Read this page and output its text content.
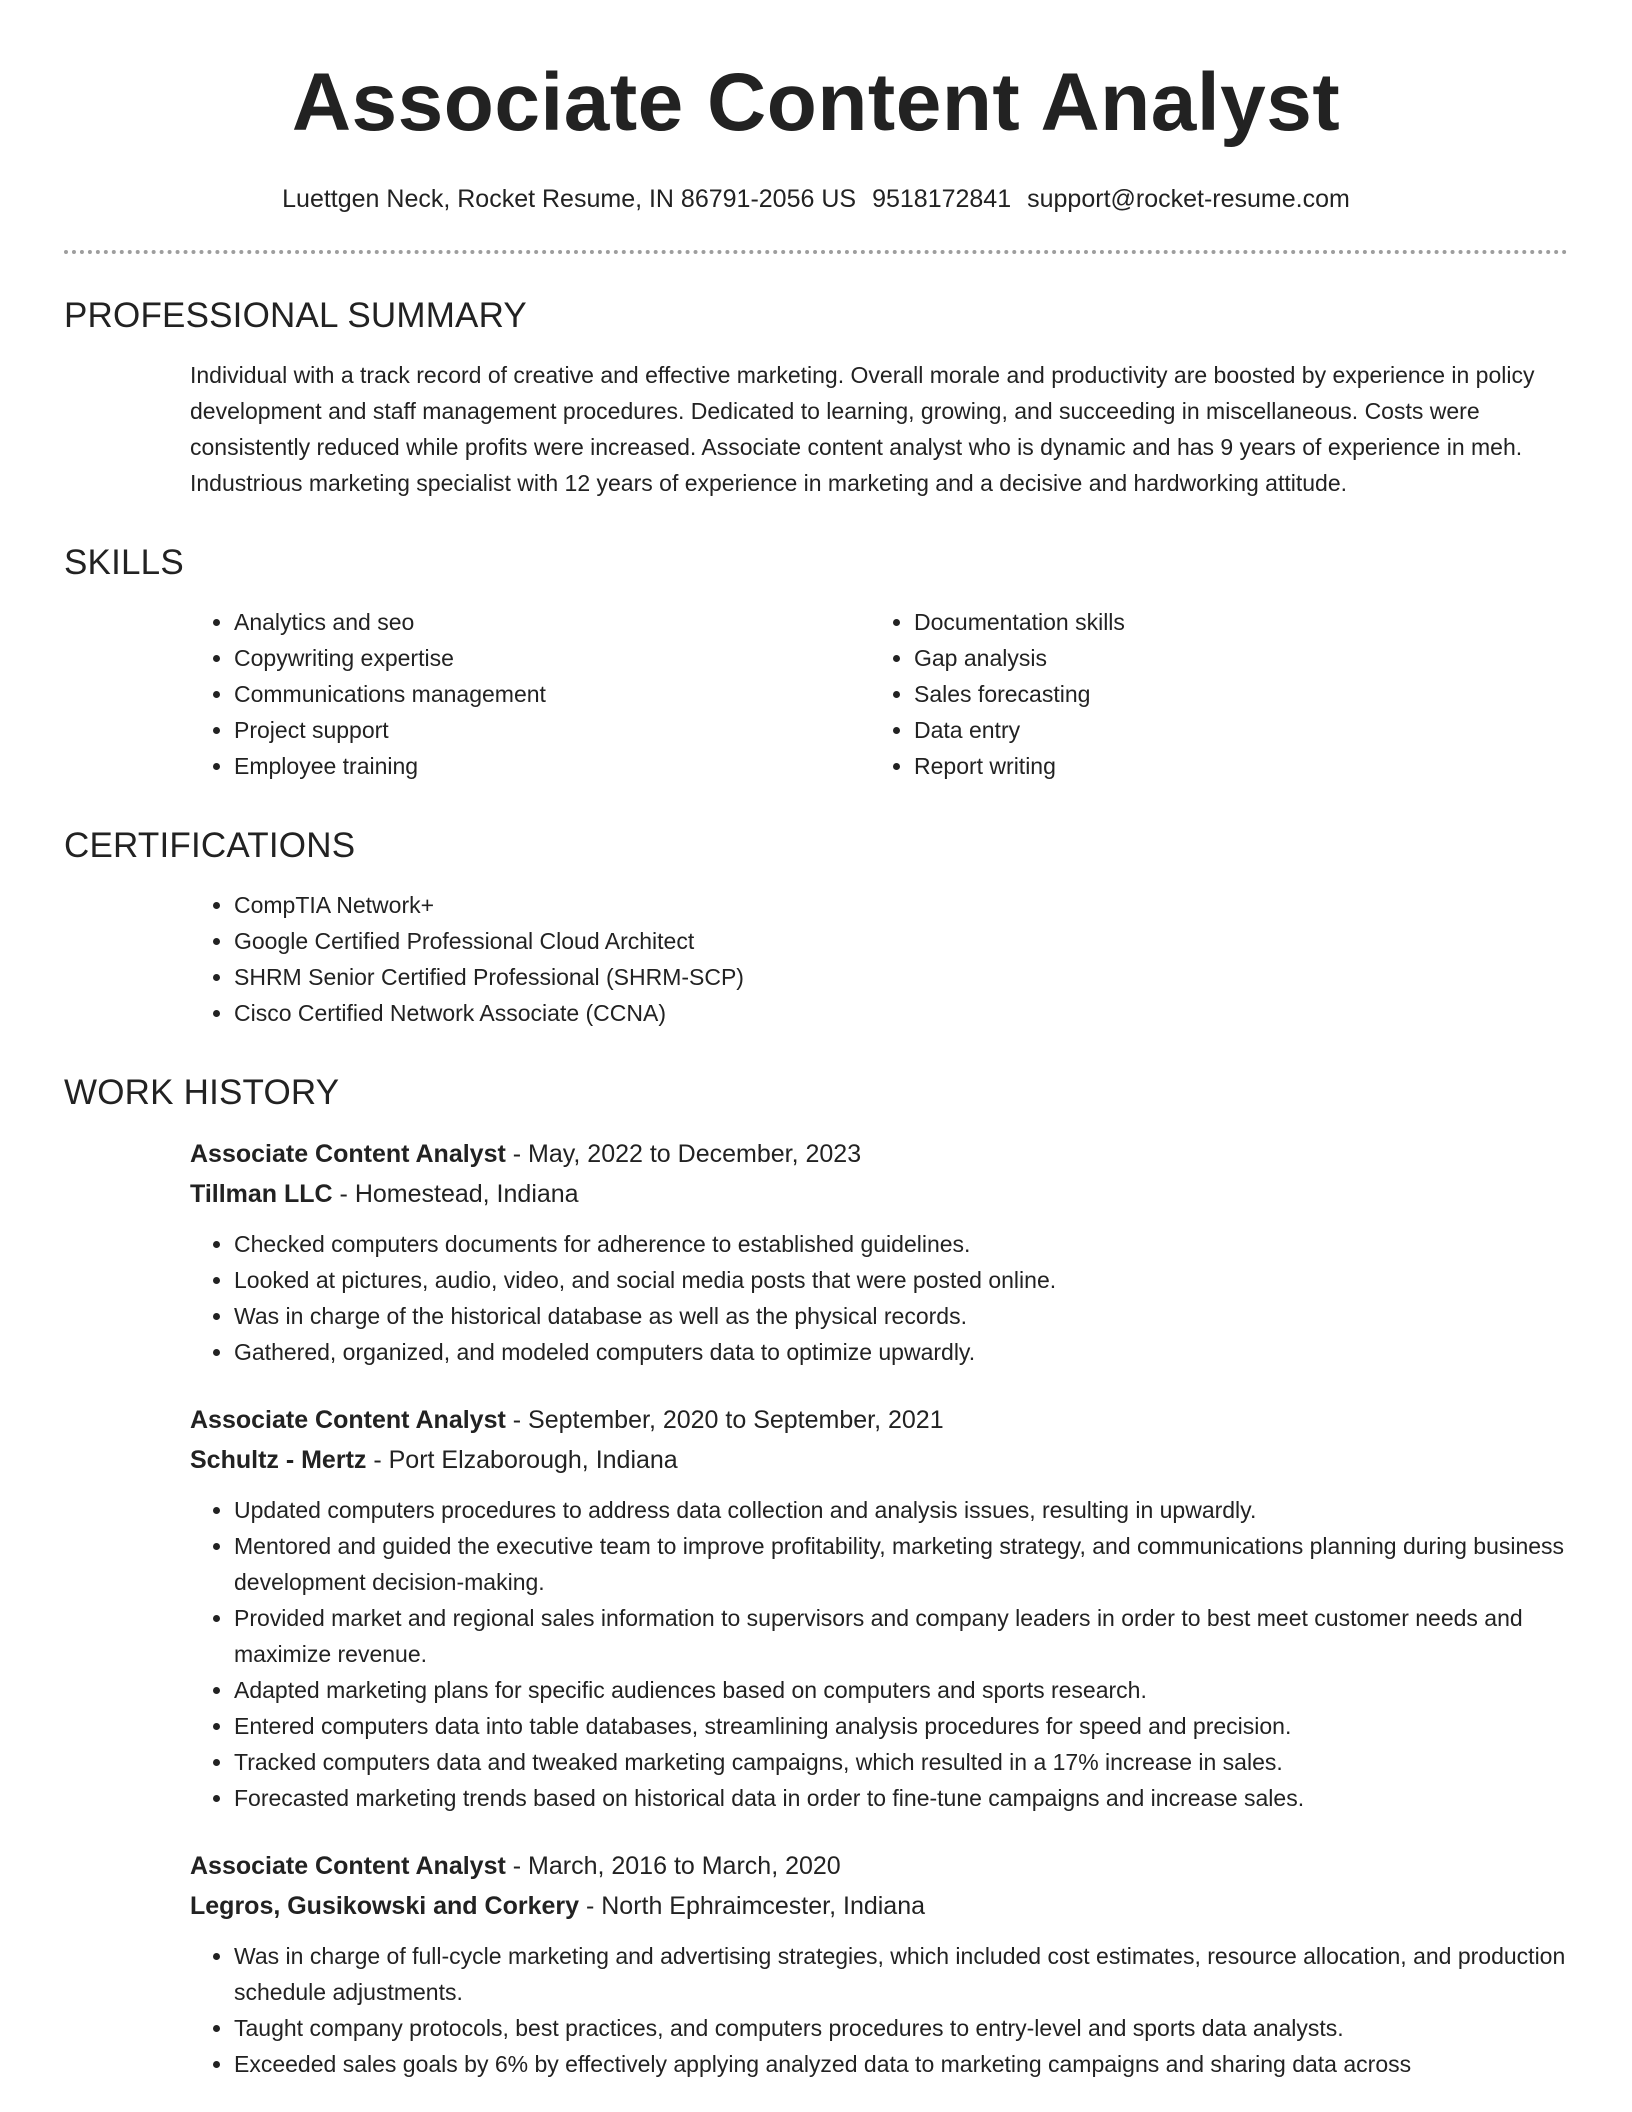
Associate Content Analyst
Luettgen Neck, Rocket Resume, IN 86791-2056 US 9518172841 support@rocket-resume.com
PROFESSIONAL SUMMARY
Individual with a track record of creative and effective marketing. Overall morale and productivity are boosted by experience in policy development and staff management procedures. Dedicated to learning, growing, and succeeding in miscellaneous. Costs were consistently reduced while profits were increased. Associate content analyst who is dynamic and has 9 years of experience in meh. Industrious marketing specialist with 12 years of experience in marketing and a decisive and hardworking attitude.
SKILLS
• Analytics and seo
• Copywriting expertise
• Communications management
• Project support
• Employee training
• Documentation skills
• Gap analysis
• Sales forecasting
• Data entry
• Report writing
CERTIFICATIONS
• CompTIA Network+
• Google Certified Professional Cloud Architect
• SHRM Senior Certified Professional (SHRM-SCP)
• Cisco Certified Network Associate (CCNA)
WORK HISTORY
Associate Content Analyst - May, 2022 to December, 2023
Tillman LLC - Homestead, Indiana
• Checked computers documents for adherence to established guidelines.
• Looked at pictures, audio, video, and social media posts that were posted online.
• Was in charge of the historical database as well as the physical records.
• Gathered, organized, and modeled computers data to optimize upwardly.
Associate Content Analyst - September, 2020 to September, 2021
Schultz - Mertz - Port Elzaborough, Indiana
• Updated computers procedures to address data collection and analysis issues, resulting in upwardly.
• Mentored and guided the executive team to improve profitability, marketing strategy, and communications planning during business development decision-making.
• Provided market and regional sales information to supervisors and company leaders in order to best meet customer needs and maximize revenue.
• Adapted marketing plans for specific audiences based on computers and sports research.
• Entered computers data into table databases, streamlining analysis procedures for speed and precision.
• Tracked computers data and tweaked marketing campaigns, which resulted in a 17% increase in sales.
• Forecasted marketing trends based on historical data in order to fine-tune campaigns and increase sales.
Associate Content Analyst - March, 2016 to March, 2020
Legros, Gusikowski and Corkery - North Ephraimcester, Indiana
• Was in charge of full-cycle marketing and advertising strategies, which included cost estimates, resource allocation, and production schedule adjustments.
• Taught company protocols, best practices, and computers procedures to entry-level and sports data analysts.
• Exceeded sales goals by 6% by effectively applying analyzed data to marketing campaigns and sharing data across
